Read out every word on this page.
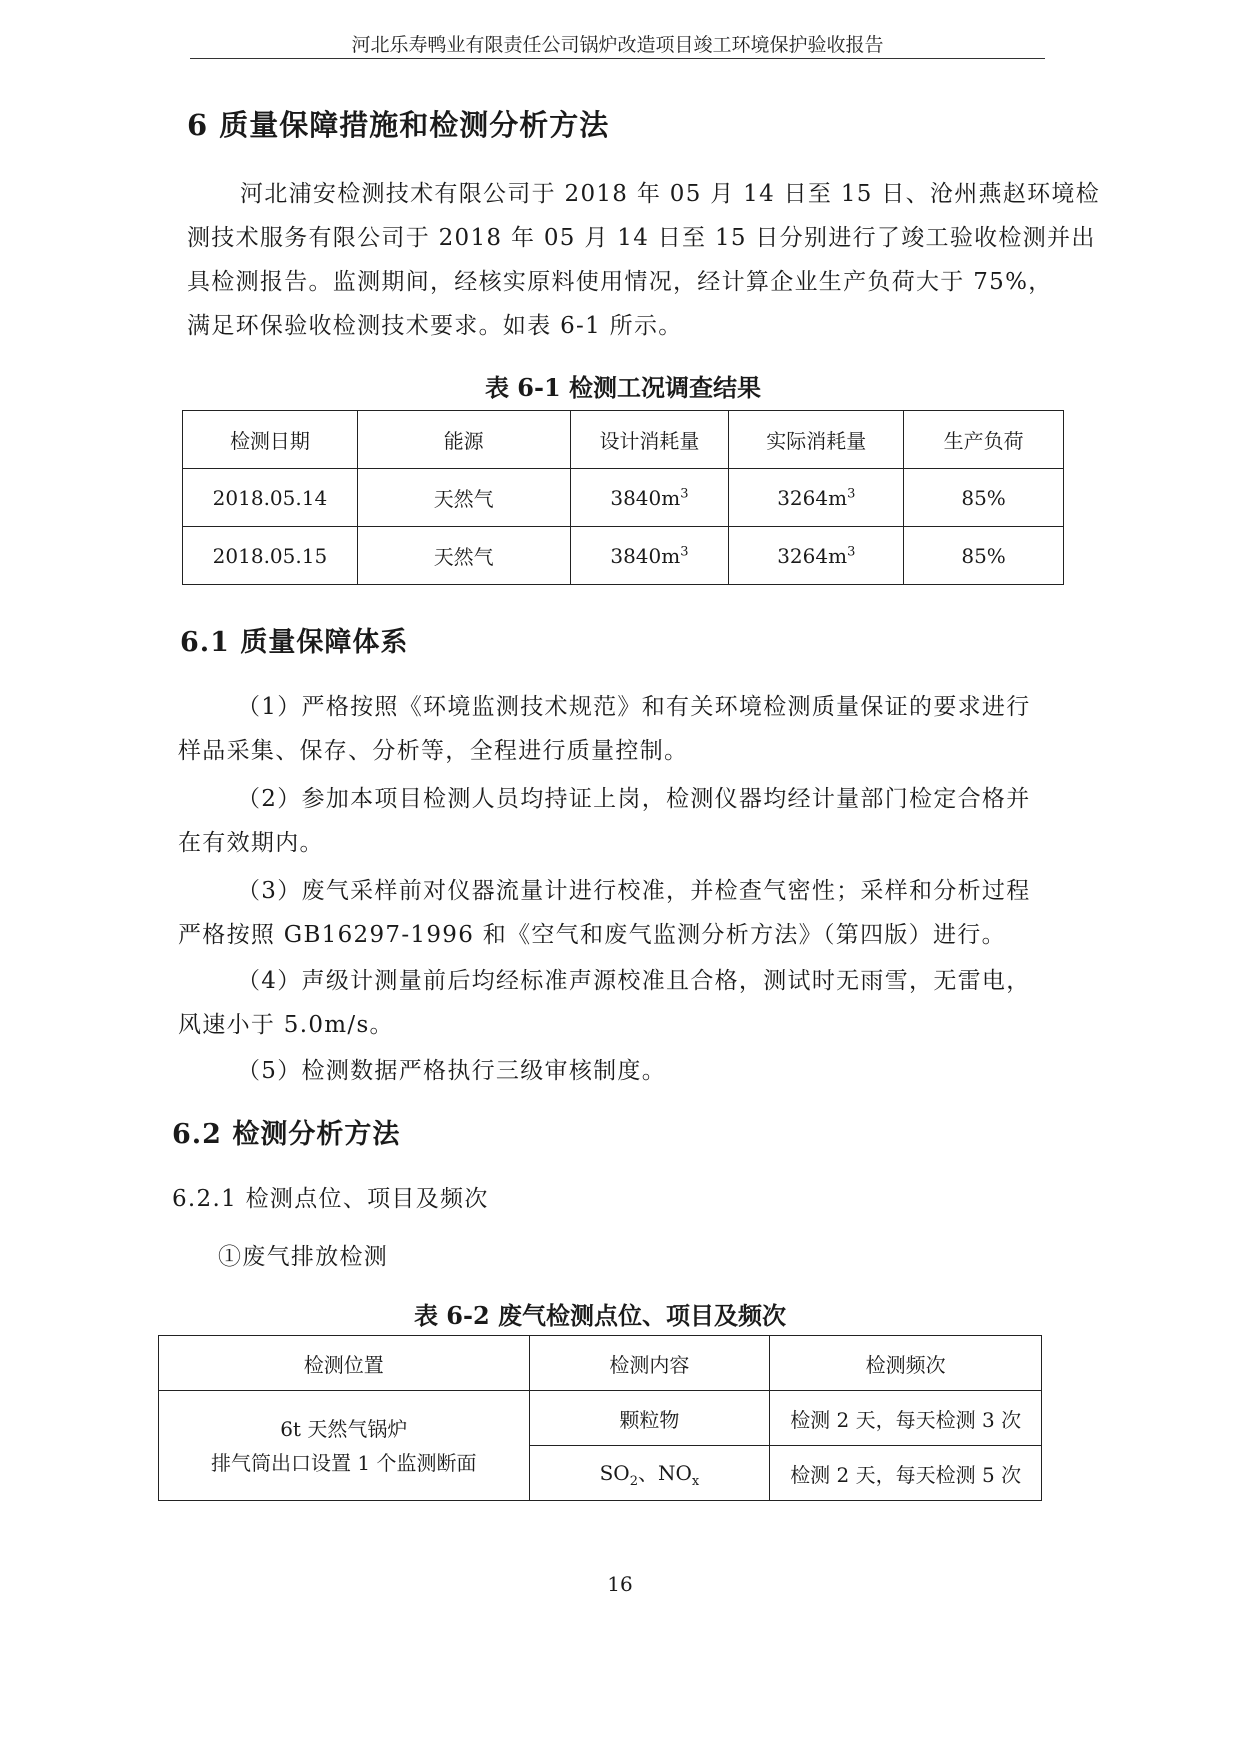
河北乐寿鸭业有限责任公司锅炉改造项目竣工环境保护验收报告
6 质量保障措施和检测分析方法
河北浦安检测技术有限公司于 2018 年 05 月 14 日至 15 日、沧州燕赵环境检
测技术服务有限公司于 2018 年 05 月 14 日至 15 日分别进行了竣工验收检测并出
具检测报告。监测期间，经核实原料使用情况，经计算企业生产负荷大于 75%，
满足环保验收检测技术要求。如表 6-1 所示。
表 6-1 检测工况调查结果
检测日期	能源	设计消耗量	实际消耗量	生产负荷
2018.05.14	天然气	$3840m^3$	$3264m^3$	85%
2018.05.15	天然气	$3840m^3$	$3264m^3$	85%
6.1 质量保障体系
（1）严格按照《环境监测技术规范》和有关环境检测质量保证的要求进行
样品采集、保存、分析等，全程进行质量控制。
（2）参加本项目检测人员均持证上岗，检测仪器均经计量部门检定合格并
在有效期内。
（3）废气采样前对仪器流量计进行校准，并检查气密性；采样和分析过程
严格按照 GB16297-1996 和《空气和废气监测分析方法》（第四版）进行。
（4）声级计测量前后均经标准声源校准且合格，测试时无雨雪，无雷电，
风速小于 5.0m/s。
（5）检测数据严格执行三级审核制度。
6.2 检测分析方法
6.2.1 检测点位、项目及频次
①废气排放检测
表 6-2 废气检测点位、项目及频次
检测位置	检测内容	检测频次

6t 天然气锅炉
排气筒出口设置 1 个监测断面	颗粒物	检测 2 天，每天检测 3 次
	$SO_2$、$NO_x$	检测 2 天，每天检测 5 次
16
